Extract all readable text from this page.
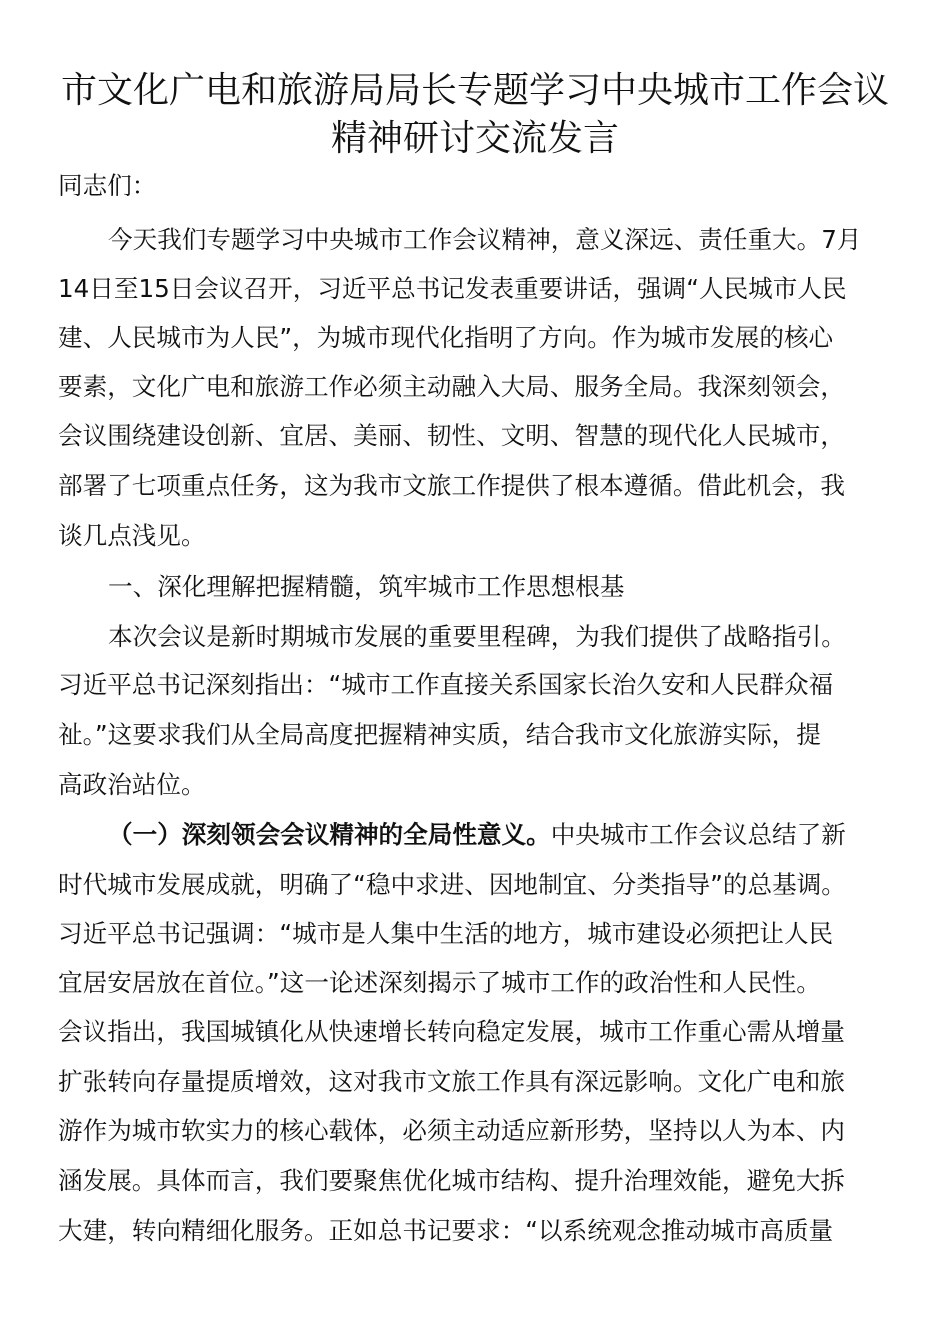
市文化广电和旅游局局长专题学习中央城市工作会议
精神研讨交流发言
同志们：
今天我们专题学习中央城市工作会议精神，意义深远、责任重大。7月
14日至15日会议召开，习近平总书记发表重要讲话，强调“人民城市人民
建、人民城市为人民”，为城市现代化指明了方向。作为城市发展的核心
要素，文化广电和旅游工作必须主动融入大局、服务全局。我深刻领会，
会议围绕建设创新、宜居、美丽、韧性、文明、智慧的现代化人民城市，
部署了七项重点任务，这为我市文旅工作提供了根本遵循。借此机会，我
谈几点浅见。
一、深化理解把握精髓，筑牢城市工作思想根基
本次会议是新时期城市发展的重要里程碑，为我们提供了战略指引。
习近平总书记深刻指出：“城市工作直接关系国家长治久安和人民群众福
祉。”这要求我们从全局高度把握精神实质，结合我市文化旅游实际，提
高政治站位。
（一）深刻领会会议精神的全局性意义。中央城市工作会议总结了新
时代城市发展成就，明确了“稳中求进、因地制宜、分类指导”的总基调。
习近平总书记强调：“城市是人集中生活的地方，城市建设必须把让人民
宜居安居放在首位。”这一论述深刻揭示了城市工作的政治性和人民性。
会议指出，我国城镇化从快速增长转向稳定发展，城市工作重心需从增量
扩张转向存量提质增效，这对我市文旅工作具有深远影响。文化广电和旅
游作为城市软实力的核心载体，必须主动适应新形势，坚持以人为本、内
涵发展。具体而言，我们要聚焦优化城市结构、提升治理效能，避免大拆
大建，转向精细化服务。正如总书记要求：“以系统观念推动城市高质量
